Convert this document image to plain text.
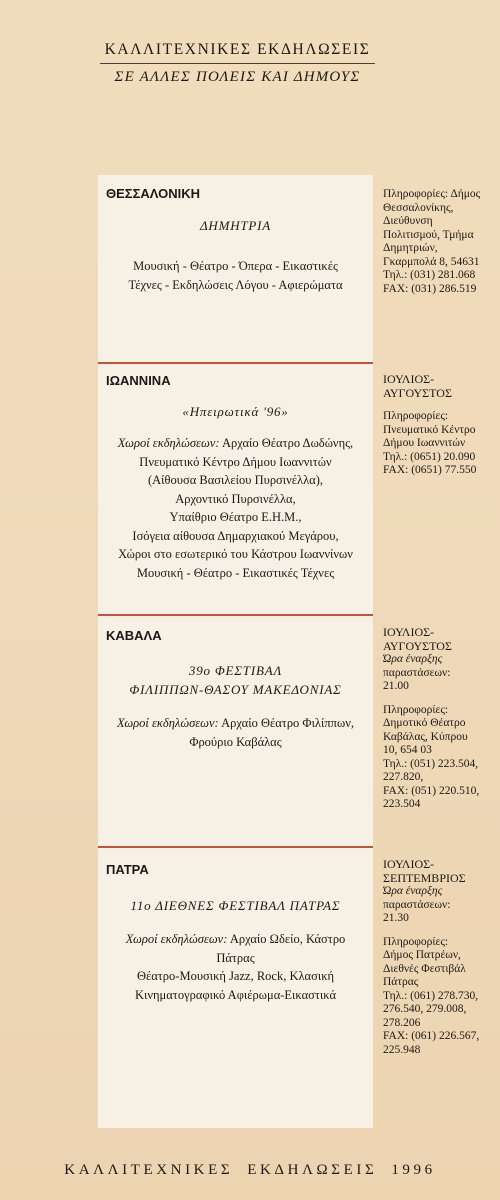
ΚΑΛΛΙΤΕΧΝΙΚΕΣ ΕΚΔΗΛΩΣΕΙΣ
ΣΕ ΑΛΛΕΣ ΠΟΛΕΙΣ ΚΑΙ ΔΗΜΟΥΣ
ΘΕΣΣΑΛΟΝΙΚΗ
ΔΗΜΗΤΡΙΑ
Μουσική - Θέατρο - Όπερα - Εικαστικές
Τέχνες - Εκδηλώσεις Λόγου - Αφιερώματα
Πληροφορίες: Δήμος
Θεσσαλονίκης,
Διεύθυνση
Πολιτισμού, Τμήμα
Δημητριών,
Γκαρμπολά 8, 54631
Τηλ.: (031) 281.068
FAX: (031) 286.519
ΙΩΑΝΝΙΝΑ
«Ηπειρωτικά '96»
Χωροί εκδηλώσεων: Αρχαίο Θέατρο Δωδώνης,
Πνευματικό Κέντρο Δήμου Ιωαννιτών
(Αίθουσα Βασιλείου Πυρσινέλλα),
Αρχοντικό Πυρσινέλλα,
Υπαίθριο Θέατρο Ε.Η.Μ.,
Ισόγεια αίθουσα Δημαρχιακού Μεγάρου,
Χώροι στο εσωτερικό του Κάστρου Ιωαννίνων
Μουσική - Θέατρο - Εικαστικές Τέχνες
ΙΟΥΛΙΟΣ-
ΑΥΓΟΥΣΤΟΣ
Πληροφορίες:
Πνευματικό Κέντρο
Δήμου Ιωαννιτών
Τηλ.: (0651) 20.090
FAX: (0651) 77.550
ΚΑΒΑΛΑ
39ο ΦΕΣΤΙΒΑΛ
ΦΙΛΙΠΠΩΝ-ΘΑΣΟΥ ΜΑΚΕΔΟΝΙΑΣ
Χωροί εκδηλώσεων: Αρχαίο Θέατρο Φιλίππων,
Φρούριο Καβάλας
ΙΟΥΛΙΟΣ-
ΑΥΓΟΥΣΤΟΣ
Ώρα έναρξης
παραστάσεων:
21.00
Πληροφορίες:
Δημοτικό Θέατρο
Καβάλας, Κύπρου
10, 654 03
Τηλ.: (051) 223.504,
227.820,
FAX: (051) 220.510,
223.504
ΠΑΤΡΑ
11ο ΔΙΕΘΝΕΣ ΦΕΣΤΙΒΑΛ ΠΑΤΡΑΣ
Χωροί εκδηλώσεων: Αρχαίο Ωδείο, Κάστρο
Πάτρας
Θέατρο-Μουσική Jazz, Rock, Κλασική
Κινηματογραφικό Αφιέρωμα-Εικαστικά
ΙΟΥΛΙΟΣ-
ΣΕΠΤΕΜΒΡΙΟΣ
Ώρα έναρξης
παραστάσεων:
21.30
Πληροφορίες:
Δήμος Πατρέων,
Διεθνές Φεστιβάλ
Πάτρας
Τηλ.: (061) 278.730,
276.540, 279.008,
278.206
FAX: (061) 226.567,
225.948
ΚΑΛΛΙΤΕΧΝΙΚΕΣ ΕΚΔΗΛΩΣΕΙΣ 1996
